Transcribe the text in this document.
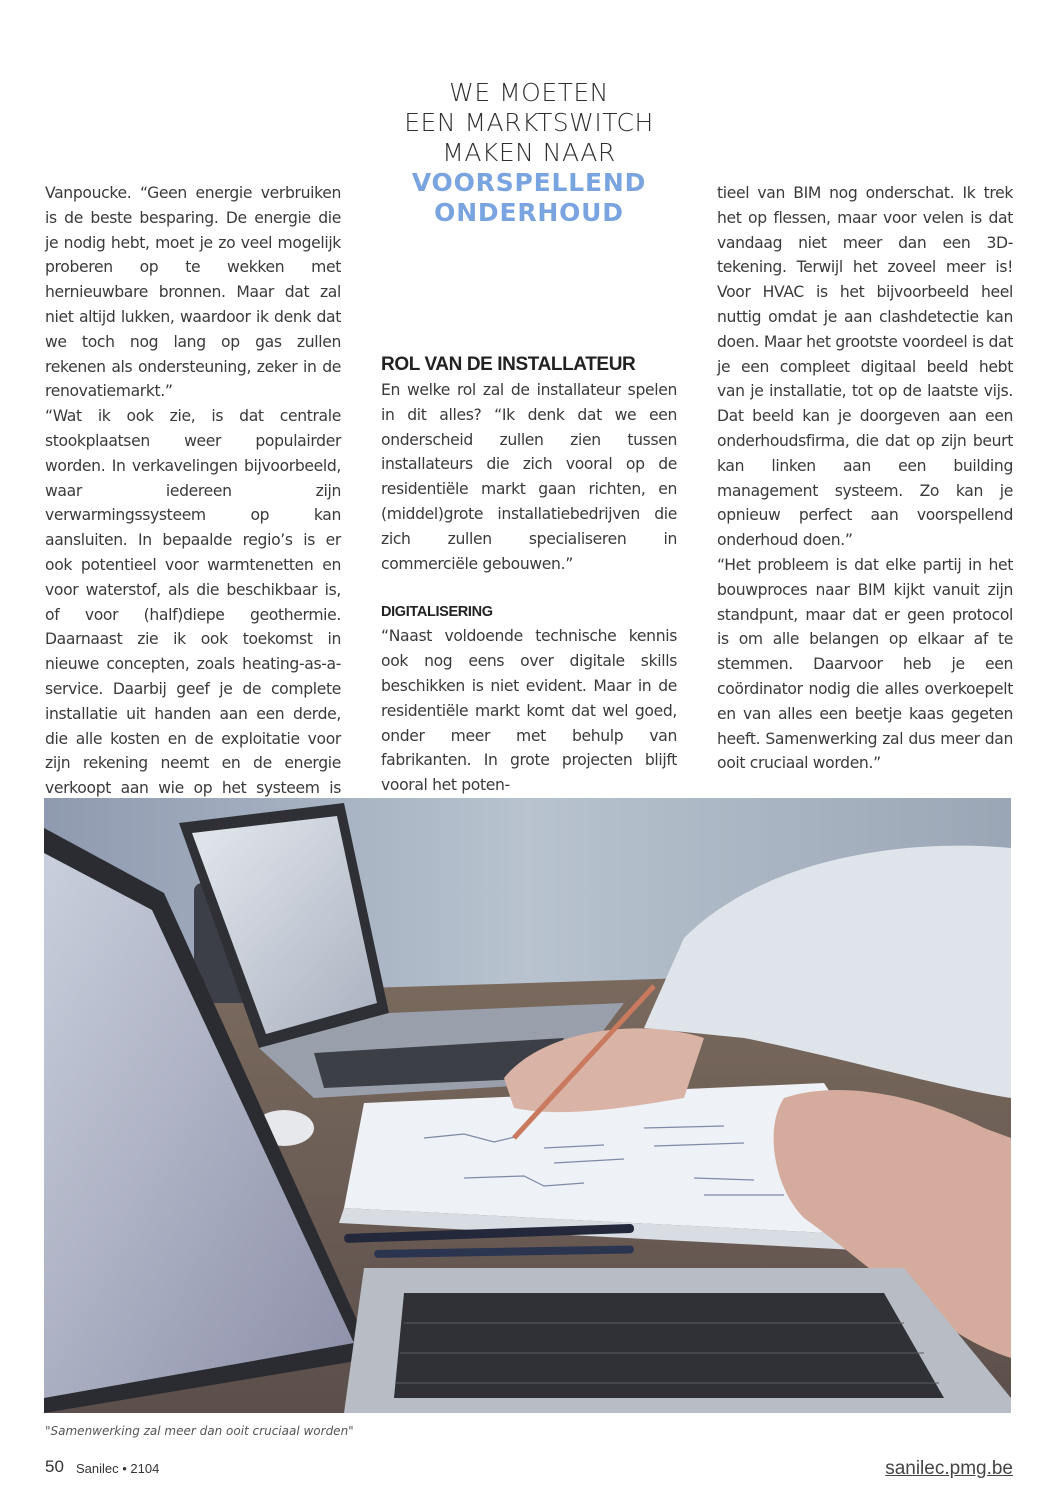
WE MOETEN
EEN MARKTSWITCH
MAKEN NAAR
VOORSPELLEND
ONDERHOUD

Vanpoucke. “Geen energie verbruiken is de beste besparing. De energie die je nodig hebt, moet je zo veel mogelijk proberen op te wekken met hernieuwbare bronnen. Maar dat zal niet altijd lukken, waardoor ik denk dat we toch nog lang op gas zullen rekenen als ondersteuning, zeker in de renovatiemarkt.”

“Wat ik ook zie, is dat centrale stookplaatsen weer populairder worden. In verkavelingen bijvoorbeeld, waar iedereen zijn verwarmingssysteem op kan aansluiten. In bepaalde regio’s is er ook potentieel voor warmtenetten en voor waterstof, als die beschikbaar is, of voor (half)diepe geothermie. Daarnaast zie ik ook toekomst in nieuwe concepten, zoals heating-as-a-service. Daarbij geef je de complete installatie uit handen aan een derde, die alle kosten en de exploitatie voor zijn rekening neemt en de energie verkoopt aan wie op het systeem is

ROL VAN DE INSTALLATEUR

En welke rol zal de installateur spelen in dit alles? “Ik denk dat we een onderscheid zullen zien tussen installateurs die zich vooral op de residentiële markt gaan richten, en (middel)grote installatiebedrijven die zich zullen specialiseren in commerciële gebouwen.”

DIGITALISERING

“Naast voldoende technische kennis ook nog eens over digitale skills beschikken is niet evident. Maar in de residentiële markt komt dat wel goed, onder meer met behulp van fabrikanten. In grote projecten blijft vooral het poten-

tieel van BIM nog onderschat. Ik trek het op flessen, maar voor velen is dat vandaag niet meer dan een 3D-tekening. Terwijl het zoveel meer is! Voor HVAC is het bijvoorbeeld heel nuttig omdat je aan clashdetectie kan doen. Maar het grootste voordeel is dat je een compleet digitaal beeld hebt van je installatie, tot op de laatste vijs. Dat beeld kan je doorgeven aan een onderhoudsfirma, die dat op zijn beurt kan linken aan een building management systeem. Zo kan je opnieuw perfect aan voorspellend onderhoud doen.”

“Het probleem is dat elke partij in het bouwproces naar BIM kijkt vanuit zijn standpunt, maar dat er geen protocol is om alle belangen op elkaar af te stemmen. Daarvoor heb je een coördinator nodig die alles overkoepelt en van alles een beetje kaas gegeten heeft. Samenwerking zal dus meer dan ooit cruciaal worden.”

"Samenwerking zal meer dan ooit cruciaal worden"
50 Sanilec • 2104	sanilec.pmg.be
